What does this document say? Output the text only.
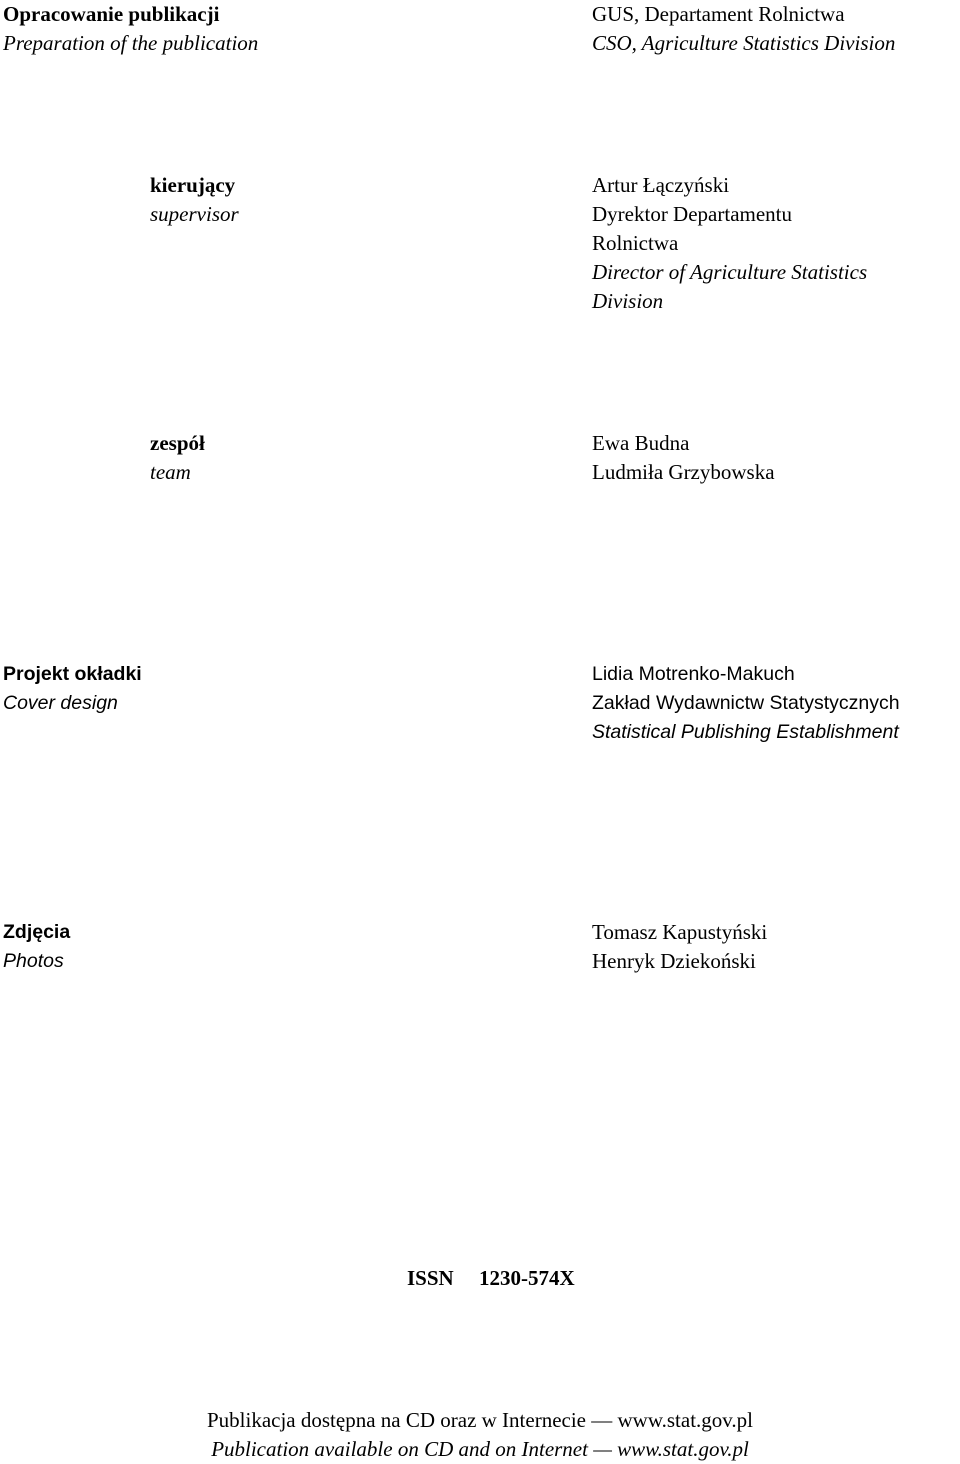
Opracowanie publikacji
Preparation of the publication
GUS, Departament Rolnictwa
CSO, Agriculture Statistics Division
kierujący
supervisor
Artur Łączyński
Dyrektor Departamentu
Rolnictwa
Director of Agriculture Statistics
Division
zespół
team
Ewa Budna
Ludmiła Grzybowska
Projekt okładki
Cover design
Lidia Motrenko-Makuch
Zakład Wydawnictw Statystycznych
Statistical Publishing Establishment
Zdjęcia
Photos
Tomasz Kapustyński
Henryk Dziekoński
ISSN 1230-574X
Publikacja dostępna na CD oraz w Internecie — www.stat.gov.pl
Publication available on CD and on Internet — www.stat.gov.pl
